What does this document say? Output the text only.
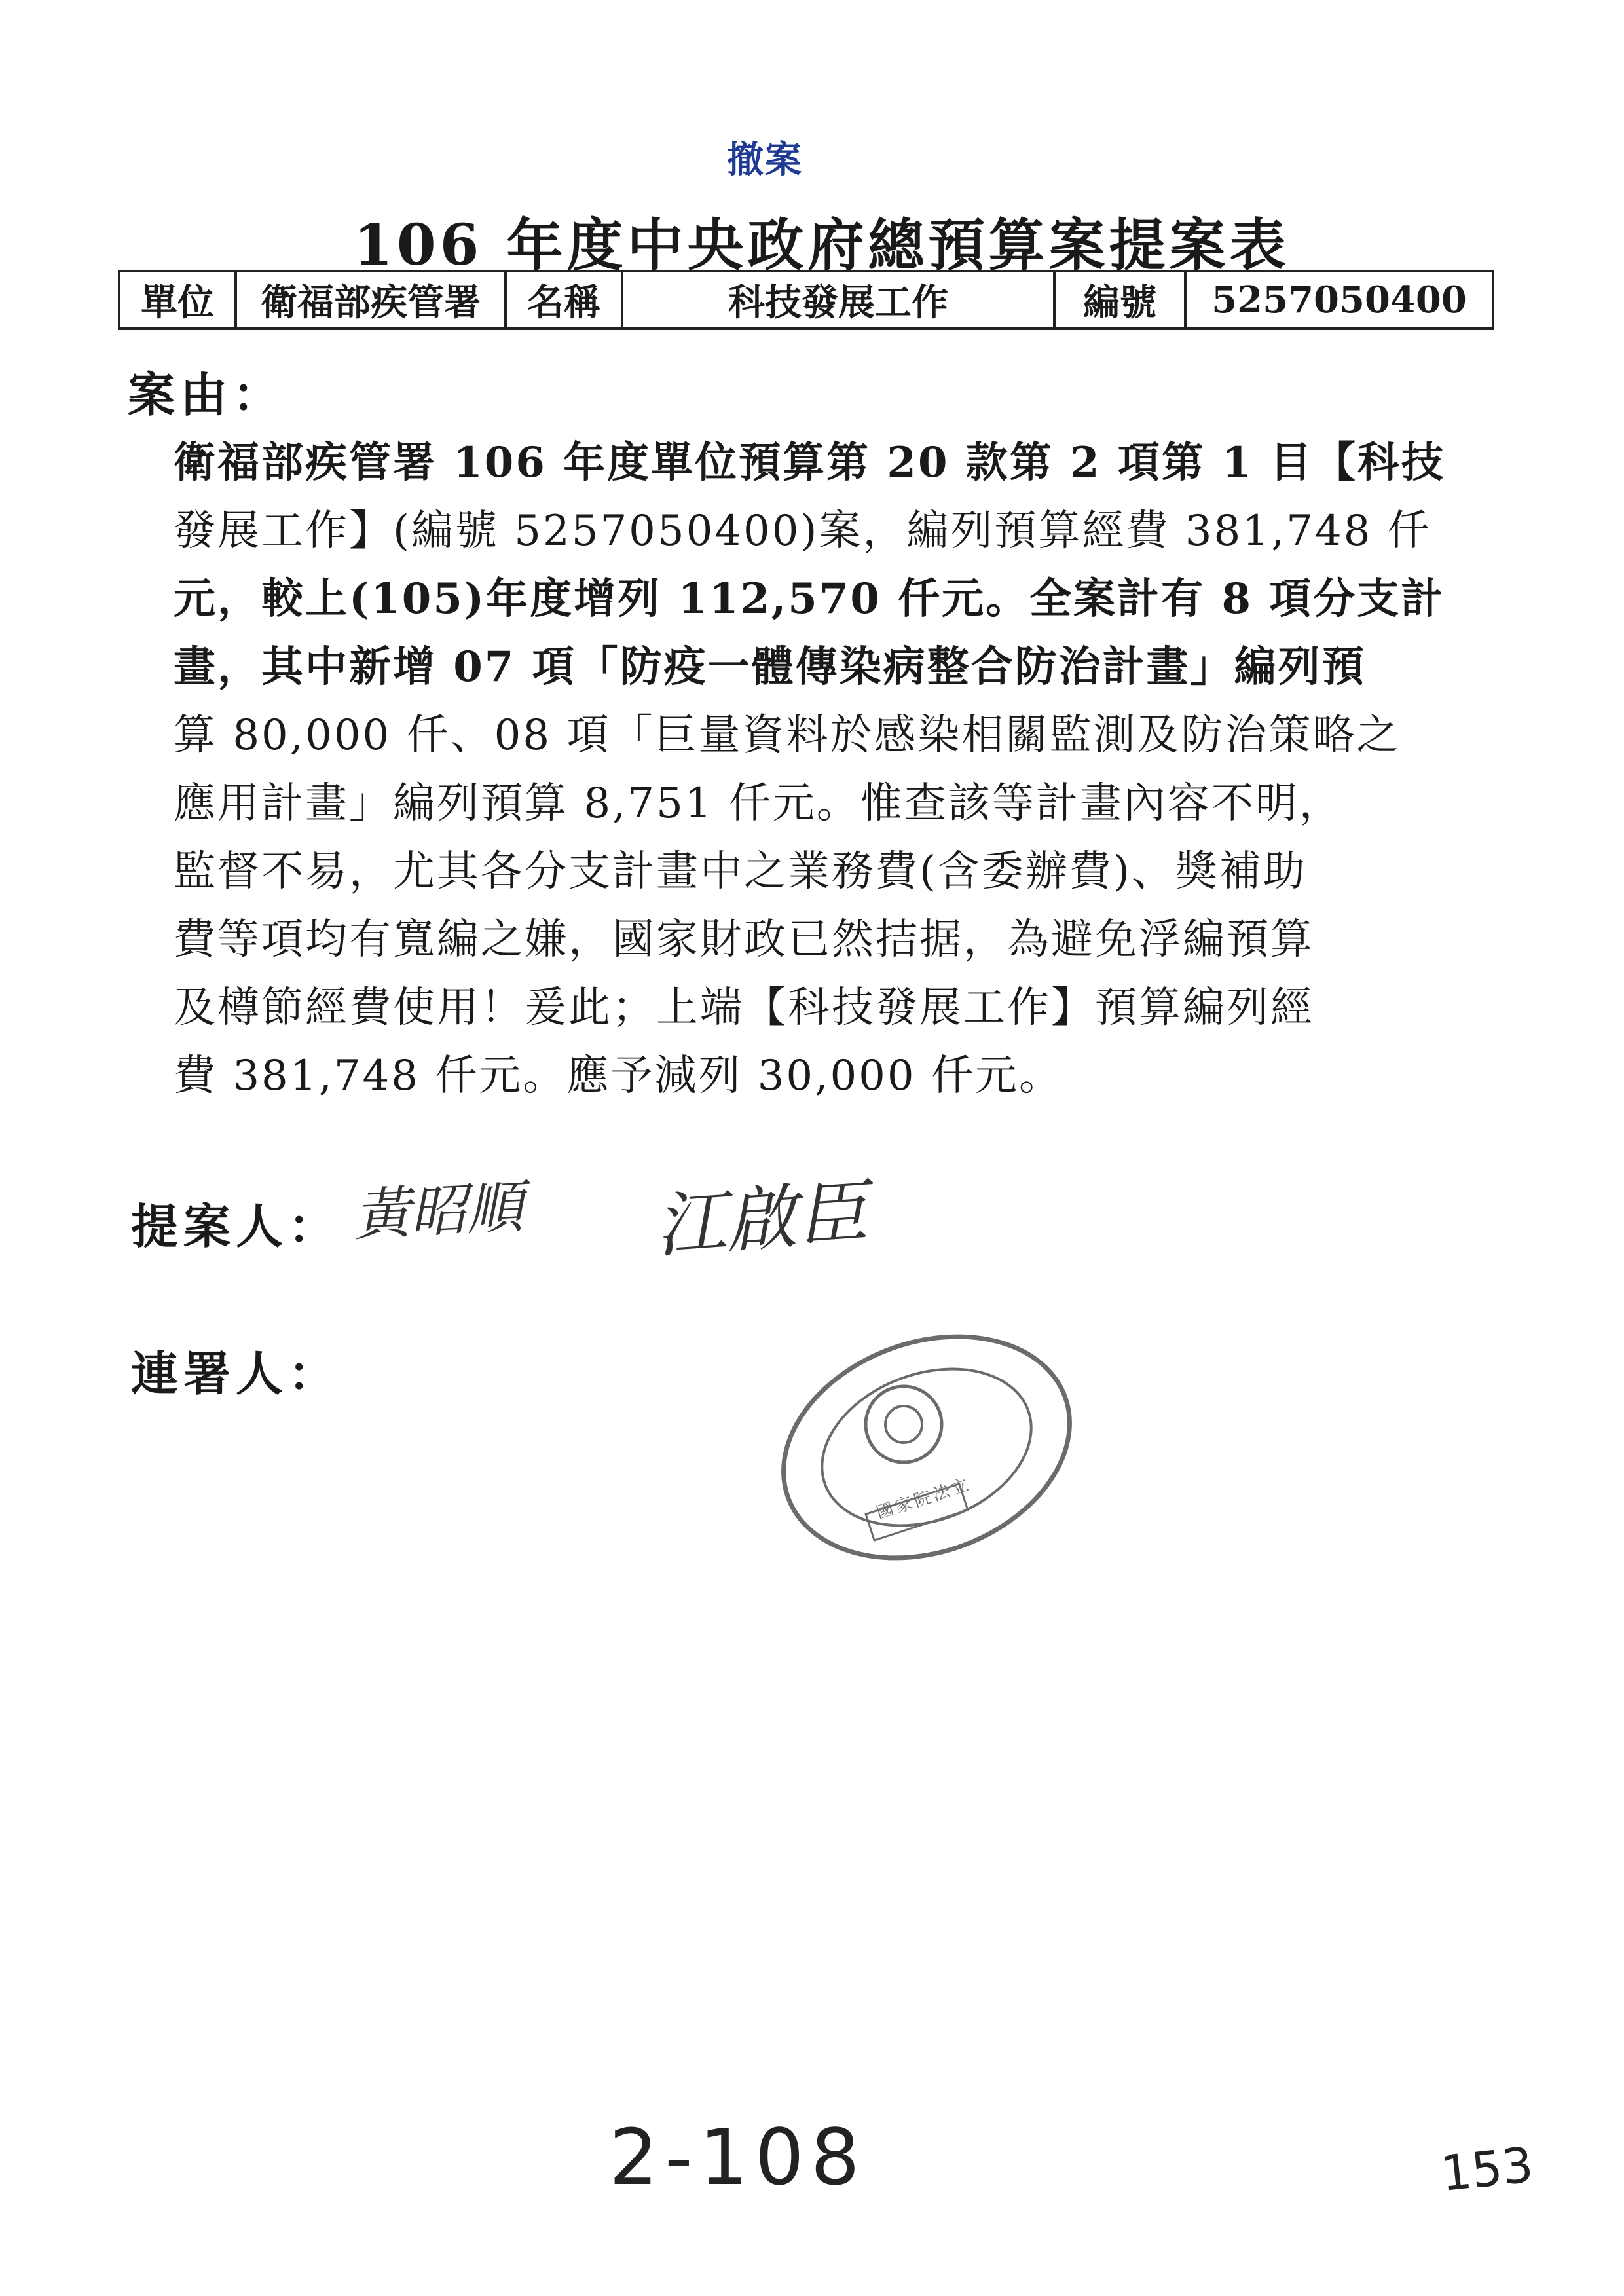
撤案
106 年度中央政府總預算案提案表
單位	衛福部疾管署	名稱	科技發展工作	編號	5257050400
案由：
衛福部疾管署 106 年度單位預算第 20 款第 2 項第 1 目【科技
發展工作】(編號 5257050400)案，編列預算經費 381,748 仟
元，較上(105)年度增列 112,570 仟元。全案計有 8 項分支計
畫，其中新增 07 項「防疫一體傳染病整合防治計畫」編列預
算 80,000 仟、08 項「巨量資料於感染相關監測及防治策略之
應用計畫」編列預算 8,751 仟元。惟查該等計畫內容不明，
監督不易，尤其各分支計畫中之業務費(含委辦費)、獎補助
費等項均有寬編之嫌，國家財政已然拮据，為避免浮編預算
及樽節經費使用！爰此；上端【科技發展工作】預算編列經
費 381,748 仟元。應予減列 30,000 仟元。
提案人： 黃昭順 江啟臣
連署人：
國家院法立
2-108	153
